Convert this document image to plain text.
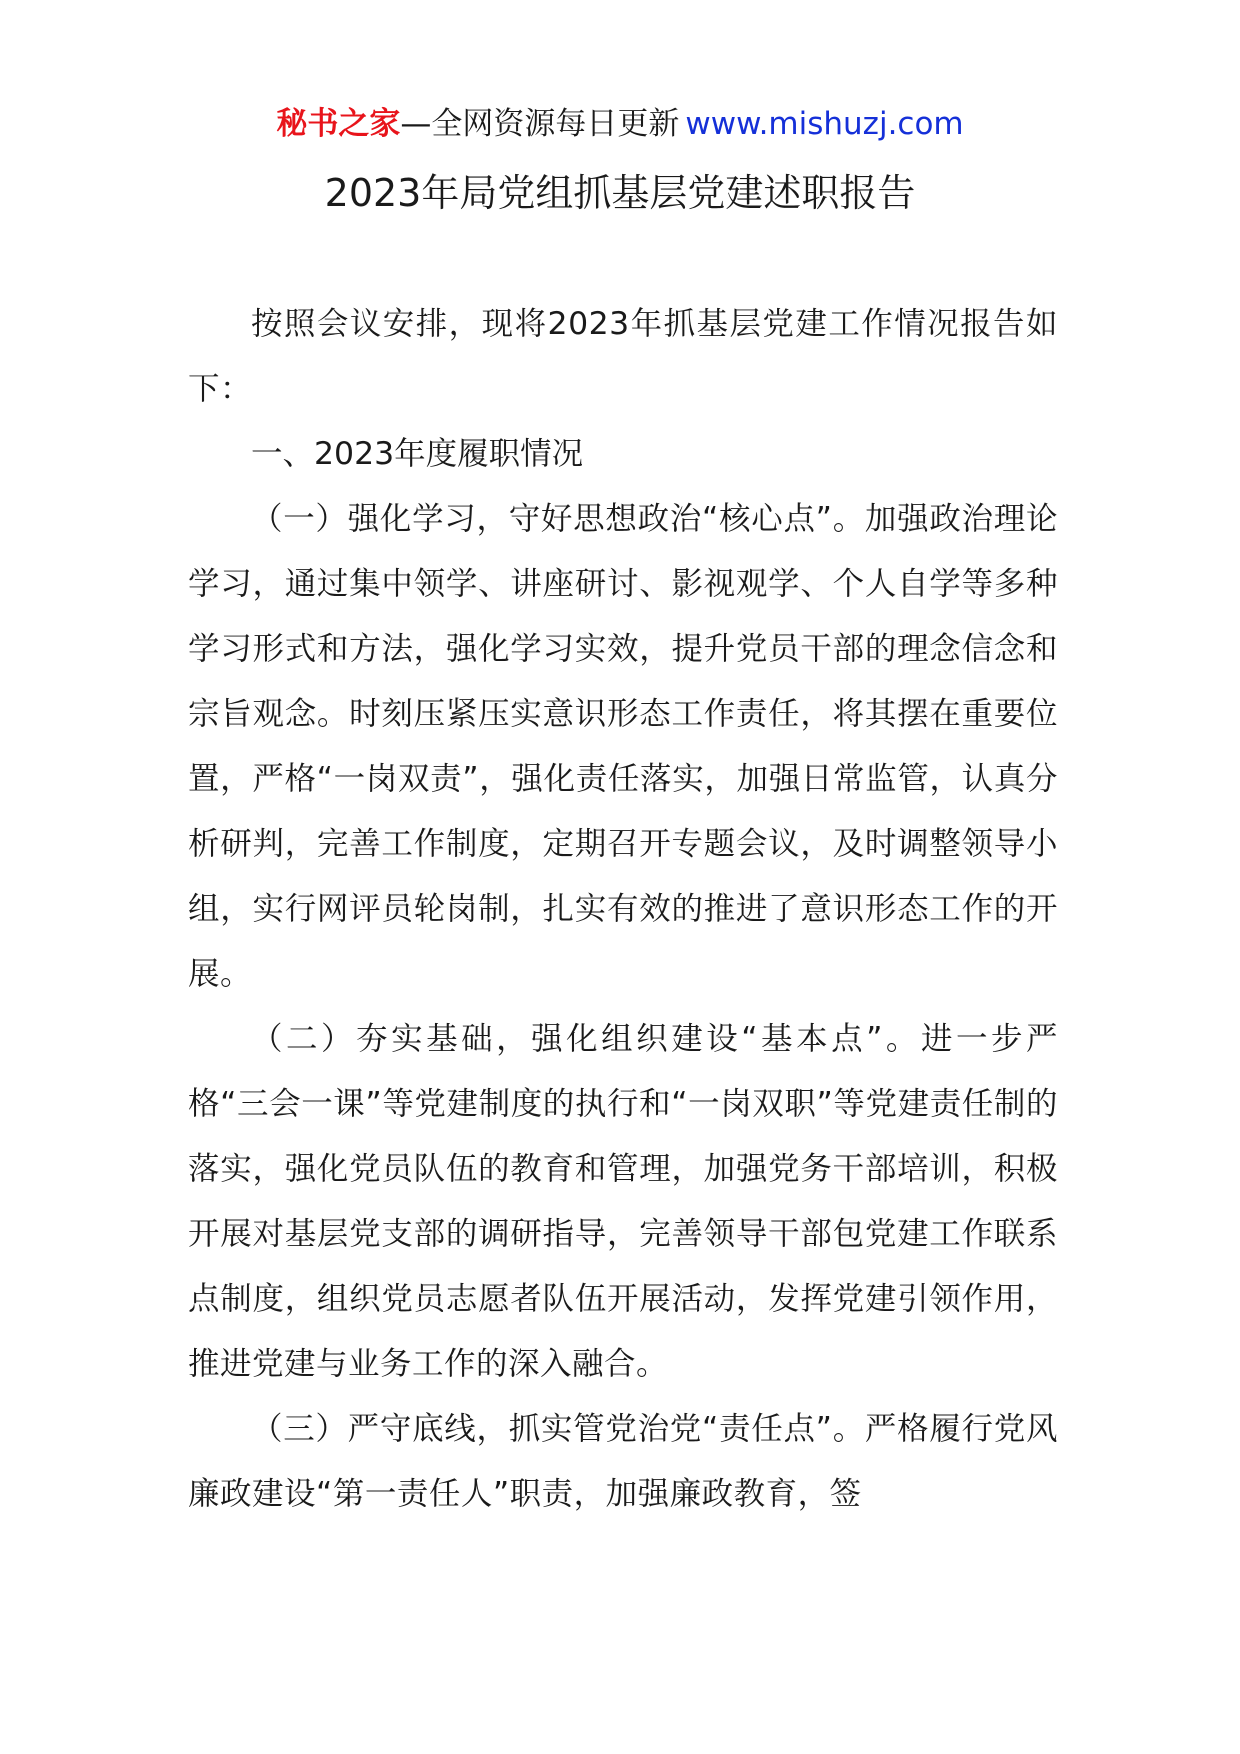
秘书之家—全网资源每日更新 www.mishuzj.com
2023年局党组抓基层党建述职报告

按照会议安排，现将2023年抓基层党建工作情况报告如下：

一、2023年度履职情况

（一）强化学习，守好思想政治“核心点”。加强政治理论学习，通过集中领学、讲座研讨、影视观学、个人自学等多种学习形式和方法，强化学习实效，提升党员干部的理念信念和宗旨观念。时刻压紧压实意识形态工作责任，将其摆在重要位置，严格“一岗双责”，强化责任落实，加强日常监管，认真分析研判，完善工作制度，定期召开专题会议，及时调整领导小组，实行网评员轮岗制，扎实有效的推进了意识形态工作的开展。

（二）夯实基础，强化组织建设“基本点”。进一步严格“三会一课”等党建制度的执行和“一岗双职”等党建责任制的落实，强化党员队伍的教育和管理，加强党务干部培训，积极开展对基层党支部的调研指导，完善领导干部包党建工作联系点制度，组织党员志愿者队伍开展活动，发挥党建引领作用，推进党建与业务工作的深入融合。

（三）严守底线，抓实管党治党“责任点”。严格履行党风廉政建设“第一责任人”职责，加强廉政教育，签
